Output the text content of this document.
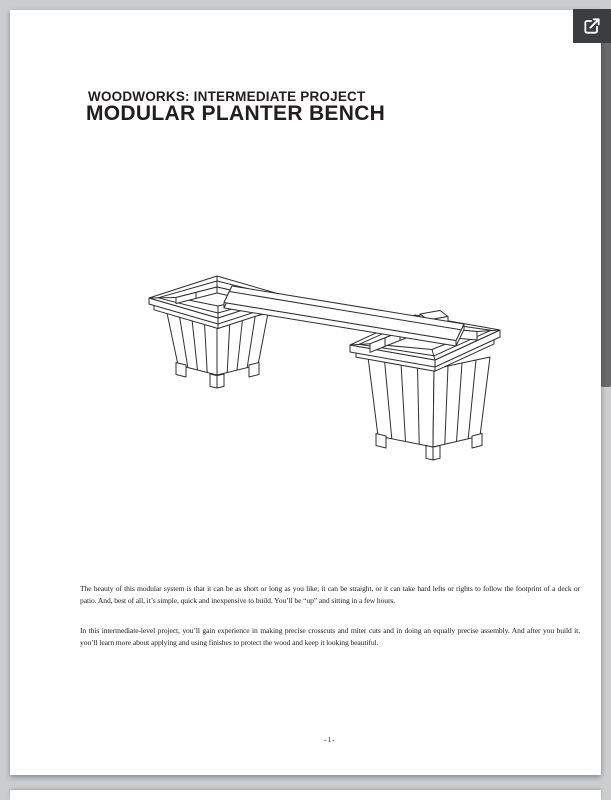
WOODWORKS: INTERMEDIATE PROJECT
MODULAR PLANTER BENCH

The beauty of this modular system is that it can be as short or long as you like; it can be straight, or it can take hard lefts or rights to follow the footprint of a deck or patio. And, best of all, it’s simple, quick and inexpensive to build. You’ll be “up” and sitting in a few hours.

In this intermediate-level project, you’ll gain experience in making precise crosscuts and miter cuts and in doing an equally precise assembly. And after you build it, you’ll learn more about applying and using finishes to protect the wood and keep it looking beautiful.

-1-
